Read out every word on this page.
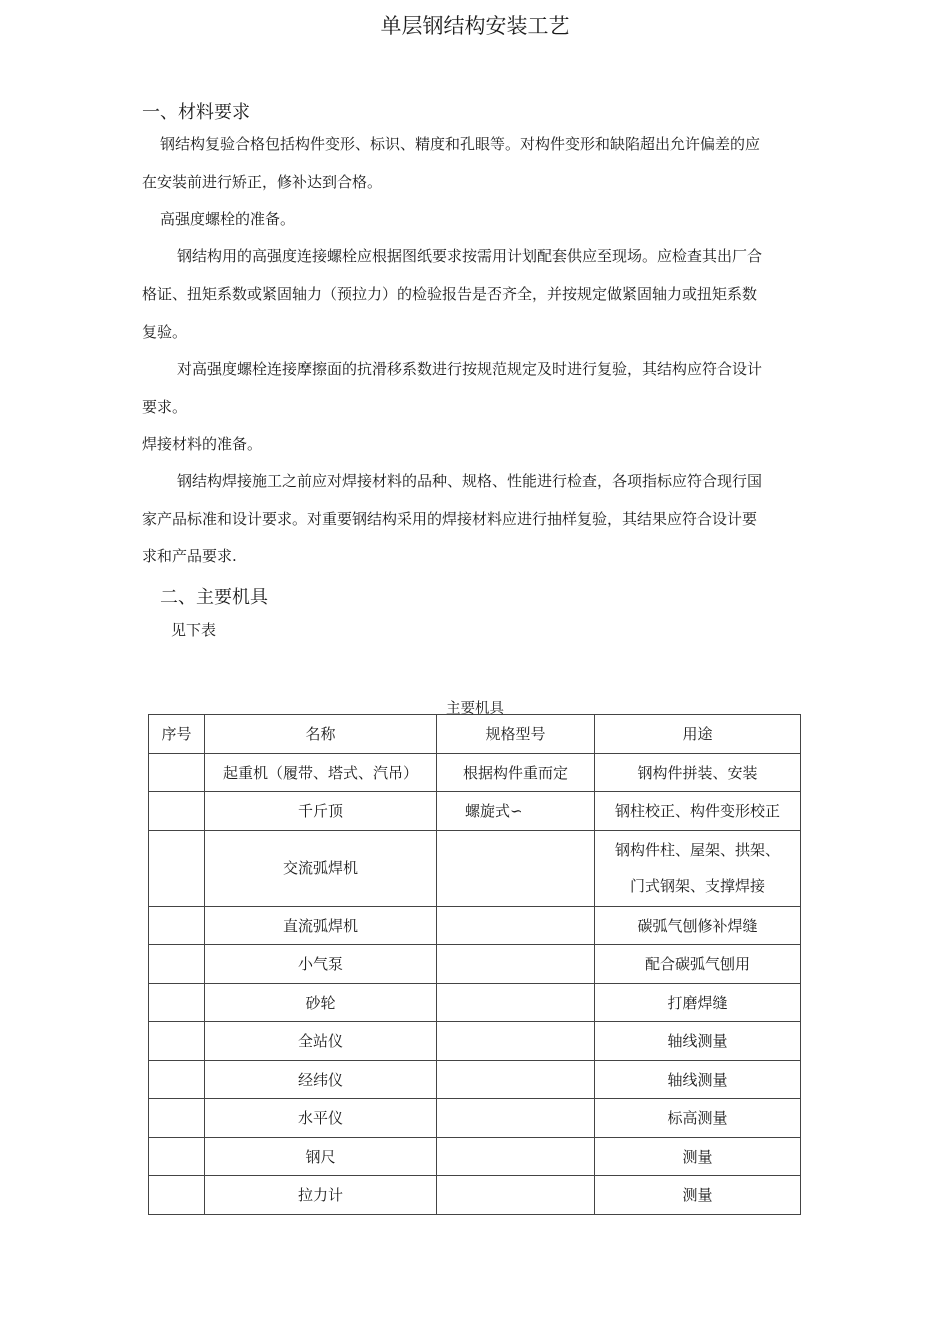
单层钢结构安装工艺
一、材料要求
钢结构复验合格包括构件变形、标识、精度和孔眼等。对构件变形和缺陷超出允许偏差的应
在安装前进行矫正，修补达到合格。
高强度螺栓的准备。
钢结构用的高强度连接螺栓应根据图纸要求按需用计划配套供应至现场。应检查其出厂合
格证、扭矩系数或紧固轴力（预拉力）的检验报告是否齐全，并按规定做紧固轴力或扭矩系数
复验。
对高强度螺栓连接摩擦面的抗滑移系数进行按规范规定及时进行复验，其结构应符合设计
要求。
焊接材料的准备。
钢结构焊接施工之前应对焊接材料的品种、规格、性能进行检查，各项指标应符合现行国
家产品标准和设计要求。对重要钢结构采用的焊接材料应进行抽样复验，其结果应符合设计要
求和产品要求.
二、主要机具
见下表
主要机具
序号	名称	规格型号	用途
	起重机（履带、塔式、汽吊）	根据构件重而定	钢构件拼装、安装
	千斤顶	螺旋式∽	钢柱校正、构件变形校正
	交流弧焊机		钢构件柱、屋架、拱架、
门式钢架、支撑焊接

	直流弧焊机		碳弧气刨修补焊缝
	小气泵		配合碳弧气刨用
	砂轮		打磨焊缝
	全站仪		轴线测量
	经纬仪		轴线测量
	水平仪		标高测量
	钢尺		测量
	拉力计		测量
